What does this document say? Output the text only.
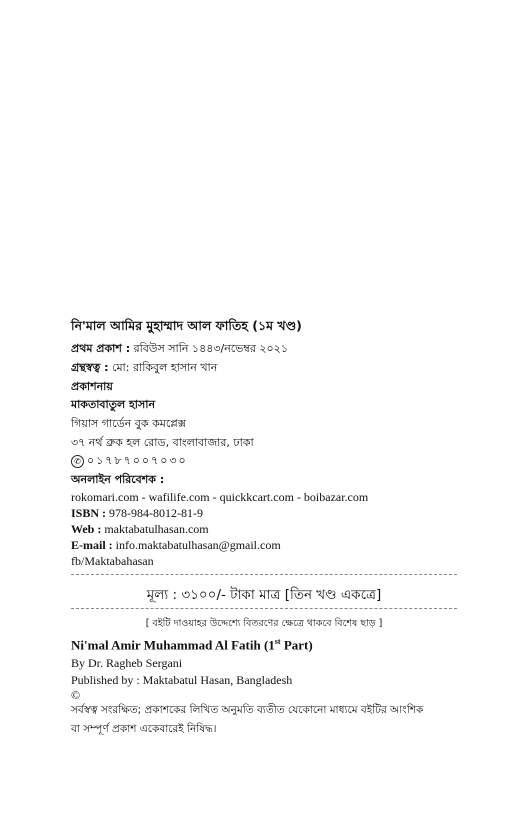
নি'মাল আমির মুহাম্মাদ আল ফাতিহ (১ম খণ্ড)
প্রথম প্রকাশ : রবিউস সানি ১৪৪৩/নভেম্বর ২০২১
গ্রন্থস্বত্ব : মো: রাকিবুল হাসান খান
প্রকাশনায়
মাকতাবাতুল হাসান
গিয়াস গার্ডেন বুক কমপ্লেক্স
৩৭ নর্থ ব্রুক হল রোড, বাংলাবাজার, ঢাকা
✆ ০১৭৮৭০০৭০৩০
অনলাইন পরিবেশক :
rokomari.com - wafilife.com - quickkcart.com - boibazar.com
ISBN : 978-984-8012-81-9
Web : maktabatulhasan.com
E-mail : info.maktabatulhasan@gmail.com
fb/Maktabahasan
মূল্য : ৩১০০/- টাকা মাত্র [তিন খণ্ড একত্রে]
[ বইটি দাওয়াহর উদ্দেশ্যে বিতরণের ক্ষেত্রে থাকবে বিশেষ ছাড় ]
Ni'mal Amir Muhammad Al Fatih (1st Part)
By Dr. Ragheb Sergani
Published by : Maktabatul Hasan, Bangladesh
©
সর্বস্বত্ব সংরক্ষিত; প্রকাশকের লিখিত অনুমতি ব্যতীত যেকোনো মাধ্যমে বইটির আংশিক
বা সম্পূর্ণ প্রকাশ একেবারেই নিষিদ্ধ।
